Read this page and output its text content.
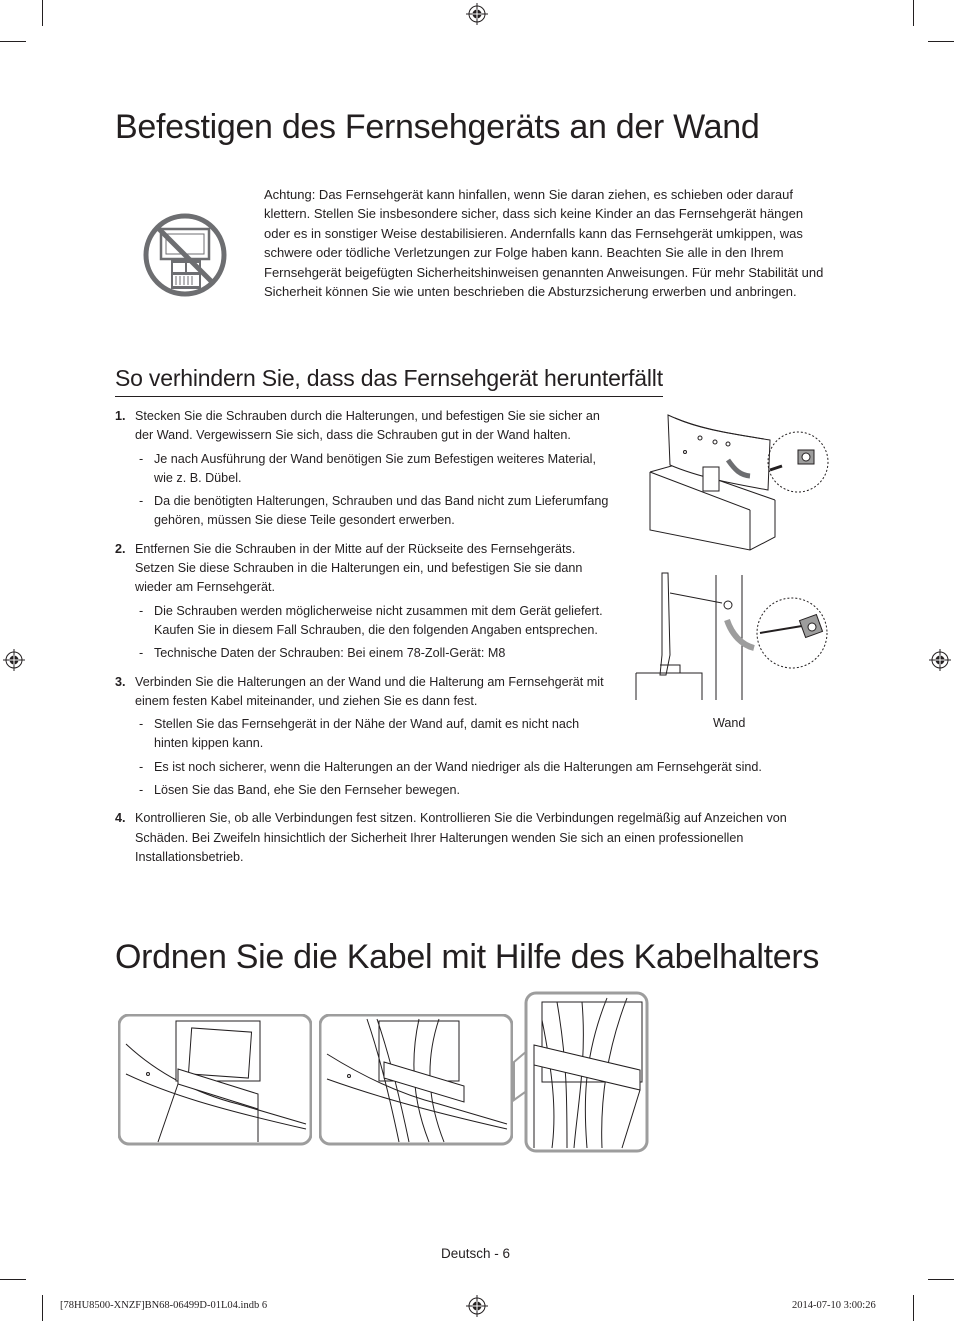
Befestigen des Fernsehgeräts an der Wand
Achtung: Das Fernsehgerät kann hinfallen, wenn Sie daran ziehen, es schieben oder darauf klettern. Stellen Sie insbesondere sicher, dass sich keine Kinder an das Fernsehgerät hängen oder es in sonstiger Weise destabilisieren. Andernfalls kann das Fernsehgerät umkippen, was schwere oder tödliche Verletzungen zur Folge haben kann. Beachten Sie alle in den Ihrem Fernsehgerät beigefügten Sicherheitshinweisen genannten Anweisungen. Für mehr Stabilität und Sicherheit können Sie wie unten beschrieben die Absturzsicherung erwerben und anbringen.
So verhindern Sie, dass das Fernsehgerät herunterfällt
1. Stecken Sie die Schrauben durch die Halterungen, und befestigen Sie sie sicher an der Wand. Vergewissern Sie sich, dass die Schrauben gut in der Wand halten.
- Je nach Ausführung der Wand benötigen Sie zum Befestigen weiteres Material, wie z. B. Dübel.
- Da die benötigten Halterungen, Schrauben und das Band nicht zum Lieferumfang gehören, müssen Sie diese Teile gesondert erwerben.
2. Entfernen Sie die Schrauben in der Mitte auf der Rückseite des Fernsehgeräts. Setzen Sie diese Schrauben in die Halterungen ein, und befestigen Sie sie dann wieder am Fernsehgerät.
- Die Schrauben werden möglicherweise nicht zusammen mit dem Gerät geliefert. Kaufen Sie in diesem Fall Schrauben, die den folgenden Angaben entsprechen.
- Technische Daten der Schrauben: Bei einem 78-Zoll-Gerät: M8
3. Verbinden Sie die Halterungen an der Wand und die Halterung am Fernsehgerät mit einem festen Kabel miteinander, und ziehen Sie es dann fest.
- Stellen Sie das Fernsehgerät in der Nähe der Wand auf, damit es nicht nach hinten kippen kann.
- Es ist noch sicherer, wenn die Halterungen an der Wand niedriger als die Halterungen am Fernsehgerät sind.
- Lösen Sie das Band, ehe Sie den Fernseher bewegen.
4. Kontrollieren Sie, ob alle Verbindungen fest sitzen. Kontrollieren Sie die Verbindungen regelmäßig auf Anzeichen von Schäden. Bei Zweifeln hinsichtlich der Sicherheit Ihrer Halterungen wenden Sie sich an einen professionellen Installationsbetrieb.
Wand
Ordnen Sie die Kabel mit Hilfe des Kabelhalters
Deutsch - 6
[78HU8500-XNZF]BN68-06499D-01L04.indb 6	2014-07-10 3:00:26
